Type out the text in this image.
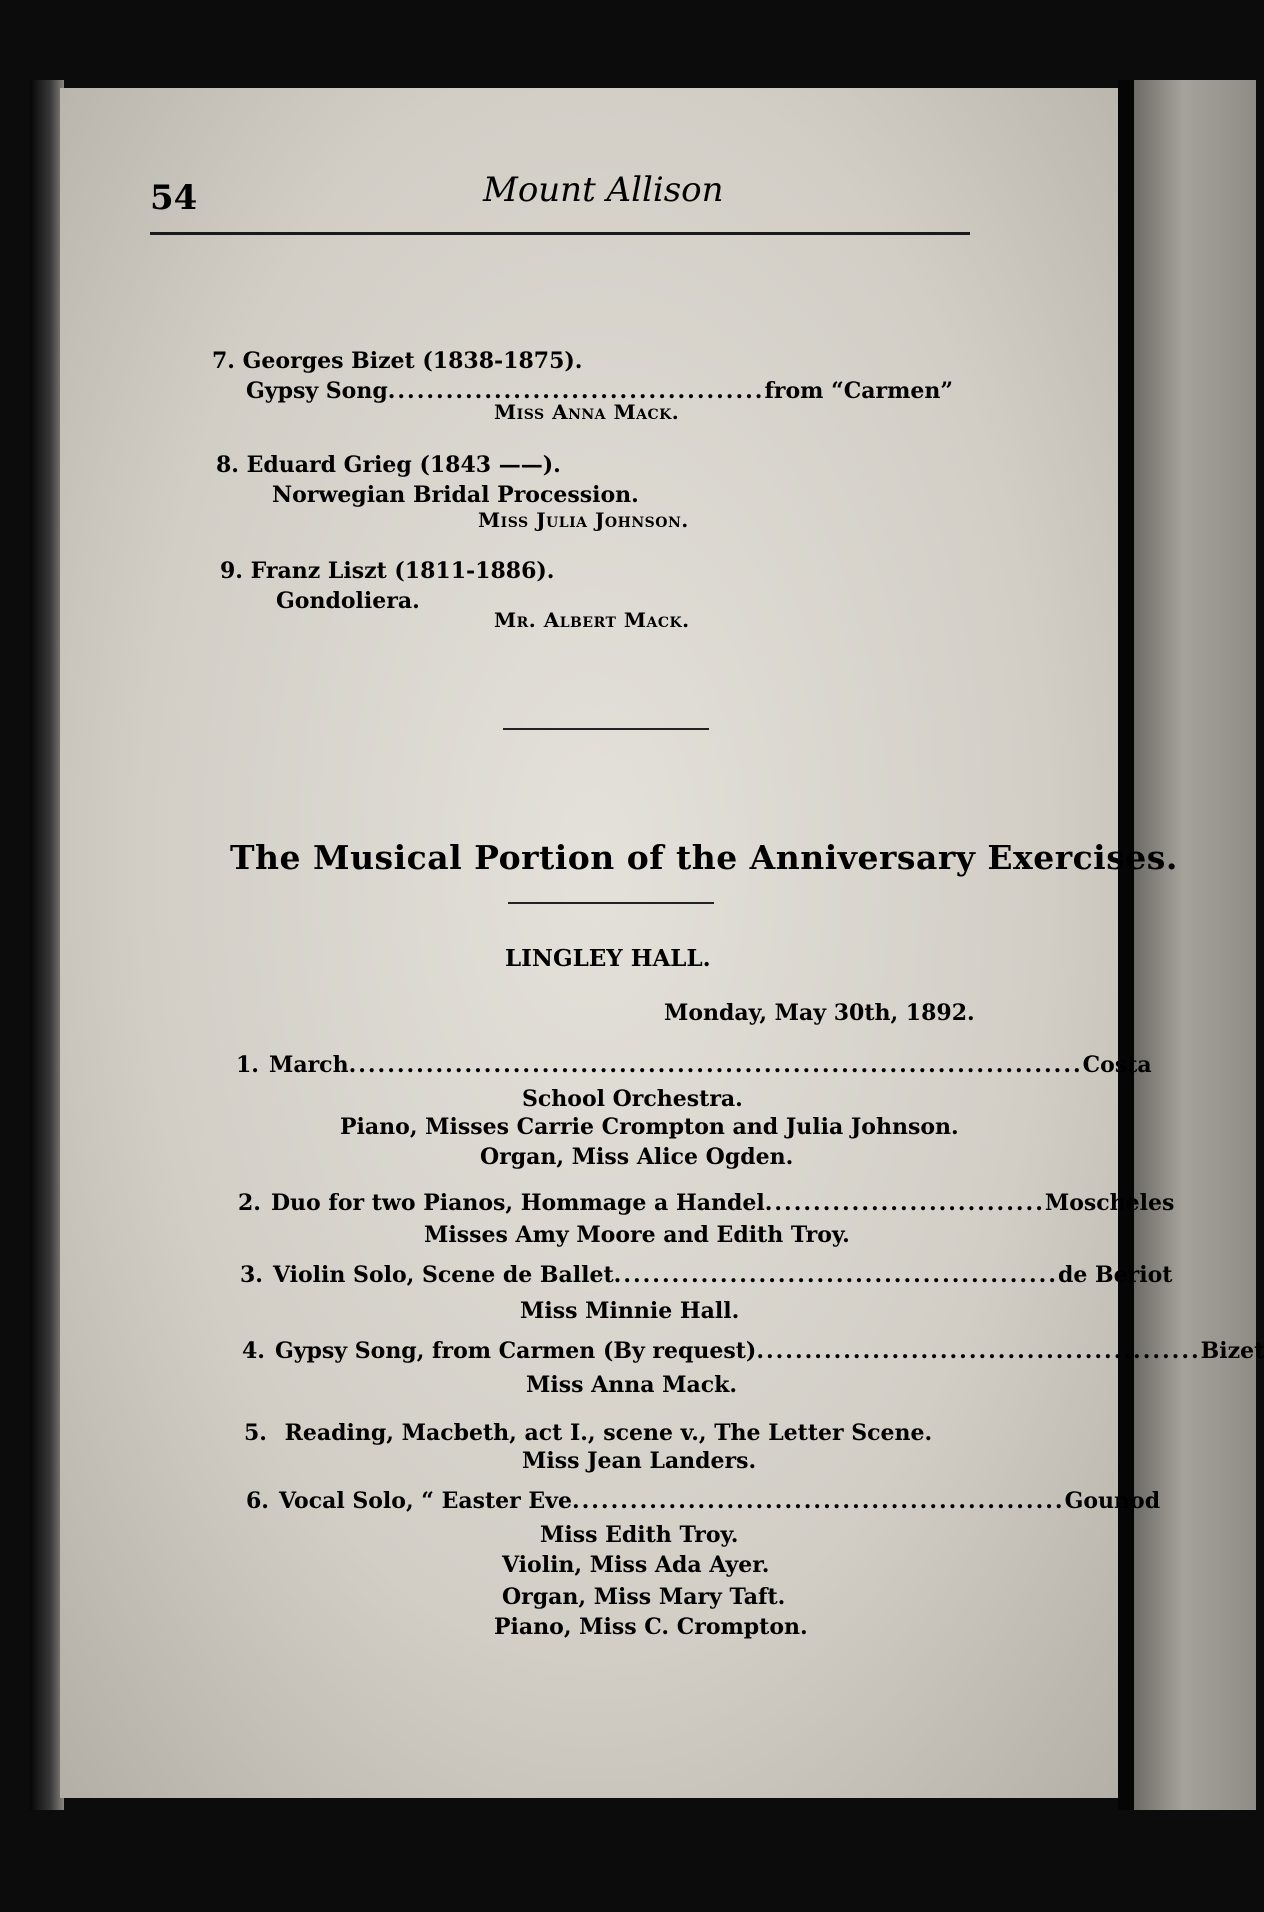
54	Mount Allison
7. Georges Bizet (1838-1875).
Gypsy Song.......................................from “Carmen”
Miss Anna Mack.
8. Eduard Grieg (1843 ——).
Norwegian Bridal Procession.
Miss Julia Johnson.
9. Franz Liszt (1811-1886).
Gondoliera.
Mr. Albert Mack.
The Musical Portion of the Anniversary Exercises.
LINGLEY HALL.
Monday, May 30th, 1892.
1. March ............................................................................ Costa
School Orchestra.
Piano, Misses Carrie Crompton and Julia Johnson.
Organ, Miss Alice Ogden.
2. Duo for two Pianos, Hommage a Handel ............................. Moscheles
Misses Amy Moore and Edith Troy.
3. Violin Solo, Scene de Ballet .............................................. de Beriot
Miss Minnie Hall.
4. Gypsy Song, from Carmen (By request) .............................................. Bizet
Miss Anna Mack.
5. Reading, Macbeth, act I., scene v., The Letter Scene.
Miss Jean Landers.
6. Vocal Solo, “ Easter Eve ................................................... Gounod
Miss Edith Troy.
Violin, Miss Ada Ayer.
Organ, Miss Mary Taft.
Piano, Miss C. Crompton.
